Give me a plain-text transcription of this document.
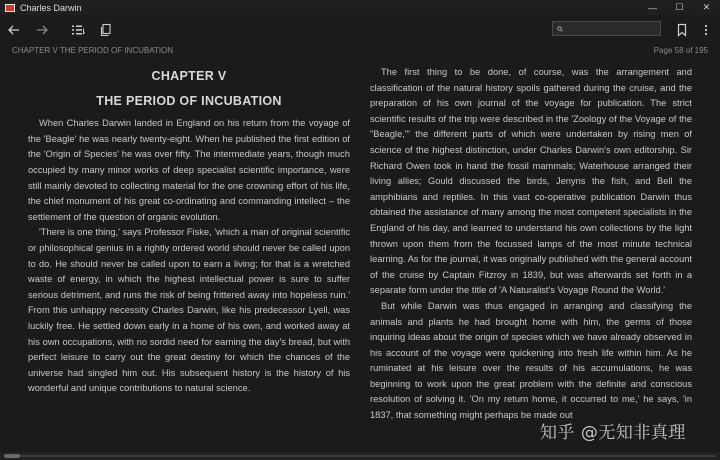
Charles Darwin	—	☐	✕
CHAPTER V THE PERIOD OF INCUBATION	Page 58 of 195
CHAPTER V
THE PERIOD OF INCUBATION

When Charles Darwin landed in England on his return from the voyage of the 'Beagle' he was nearly twenty-eight. When he published the first edition of the 'Origin of Species' he was over fifty. The intermediate years, though much occupied by many minor works of deep specialist scientific importance, were still mainly devoted to collecting material for the one crowning effort of his life, the chief monument of his great co-ordinating and commanding intellect – the settlement of the question of organic evolution.

'There is one thing,' says Professor Fiske, 'which a man of original scientific or philosophical genius in a rightly ordered world should never be called upon to do. He should never be called upon to earn a living; for that is a wretched waste of energy, in which the highest intellectual power is sure to suffer serious detriment, and runs the risk of being frittered away into hopeless ruin.' From this unhappy necessity Charles Darwin, like his predecessor Lyell, was luckily free. He settled down early in a home of his own, and worked away at his own occupations, with no sordid need for earning the day's bread, but with perfect leisure to carry out the great destiny for which the chances of the universe had singled him out. His subsequent history is the history of his wonderful and unique contributions to natural science.

The first thing to be done, of course, was the arrangement and classification of the natural history spoils gathered during the cruise, and the preparation of his own journal of the voyage for publication. The strict scientific results of the trip were described in the 'Zoology of the Voyage of the "Beagle,"' the different parts of which were undertaken by rising men of science of the highest distinction, under Charles Darwin's own editorship. Sir Richard Owen took in hand the fossil mammals; Waterhouse arranged their living allies; Gould discussed the birds, Jenyns the fish, and Bell the amphibians and reptiles. In this vast co-operative publication Darwin thus obtained the assistance of many among the most competent specialists in the England of his day, and learned to understand his own collections by the light thrown upon them from the focussed lamps of the most minute technical learning. As for the journal, it was originally published with the general account of the cruise by Captain Fitzroy in 1839, but was afterwards set forth in a separate form under the title of 'A Naturalist's Voyage Round the World.'

But while Darwin was thus engaged in arranging and classifying the animals and plants he had brought home with him, the germs of those inquiring ideas about the origin of species which we have already observed in his account of the voyage were quickening into fresh life within him. As he ruminated at his leisure over the results of his accumulations, he was beginning to work upon the great problem with the definite and conscious resolution of solving it. 'On my return home, it occurred to me,' he says, 'in 1837, that something might perhaps be made out

知乎 @无知非真理
